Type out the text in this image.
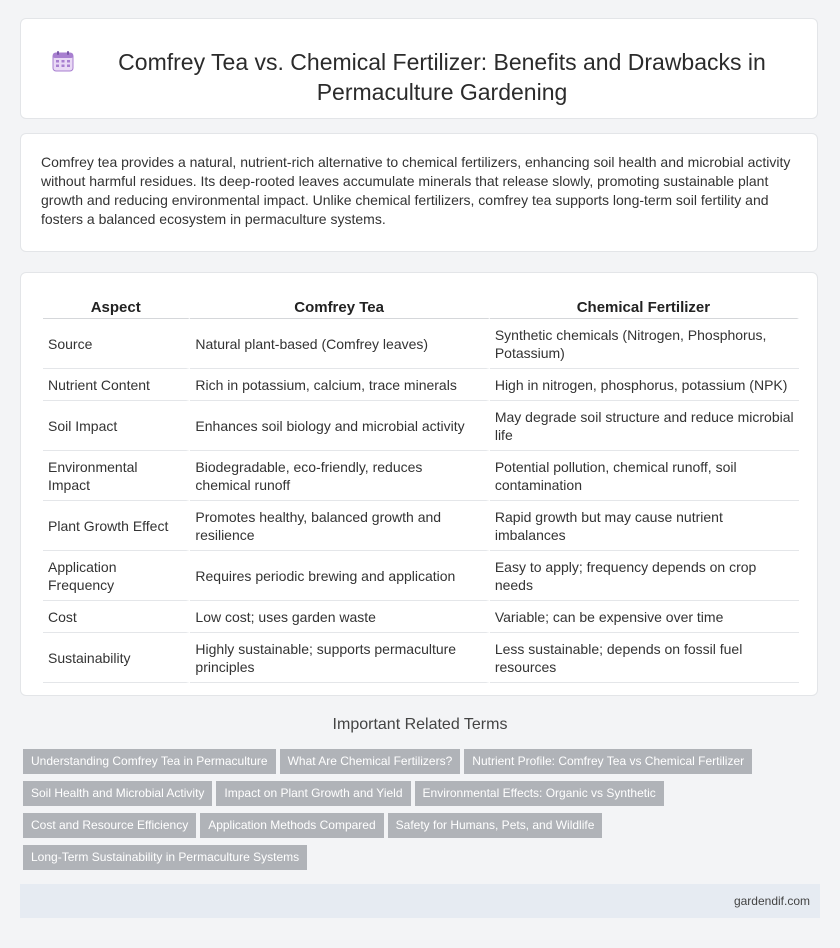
Comfrey Tea vs. Chemical Fertilizer: Benefits and Drawbacks in Permaculture Gardening

Comfrey tea provides a natural, nutrient-rich alternative to chemical fertilizers, enhancing soil health and microbial activity without harmful residues. Its deep-rooted leaves accumulate minerals that release slowly, promoting sustainable plant growth and reducing environmental impact. Unlike chemical fertilizers, comfrey tea supports long-term soil fertility and fosters a balanced ecosystem in permaculture systems.

Aspect	Comfrey Tea	Chemical Fertilizer
Source	Natural plant-based (Comfrey leaves)	Synthetic chemicals (Nitrogen, Phosphorus, Potassium)
Nutrient Content	Rich in potassium, calcium, trace minerals	High in nitrogen, phosphorus, potassium (NPK)
Soil Impact	Enhances soil biology and microbial activity	May degrade soil structure and reduce microbial life
Environmental Impact	Biodegradable, eco-friendly, reduces chemical runoff	Potential pollution, chemical runoff, soil contamination
Plant Growth Effect	Promotes healthy, balanced growth and resilience	Rapid growth but may cause nutrient imbalances
Application Frequency	Requires periodic brewing and application	Easy to apply; frequency depends on crop needs
Cost	Low cost; uses garden waste	Variable; can be expensive over time
Sustainability	Highly sustainable; supports permaculture principles	Less sustainable; depends on fossil fuel resources
Important Related Terms
Understanding Comfrey Tea in Permaculture What Are Chemical Fertilizers? Nutrient Profile: Comfrey Tea vs Chemical Fertilizer
Soil Health and Microbial Activity Impact on Plant Growth and Yield Environmental Effects: Organic vs Synthetic
Cost and Resource Efficiency Application Methods Compared Safety for Humans, Pets, and Wildlife
Long-Term Sustainability in Permaculture Systems
gardendif.com
